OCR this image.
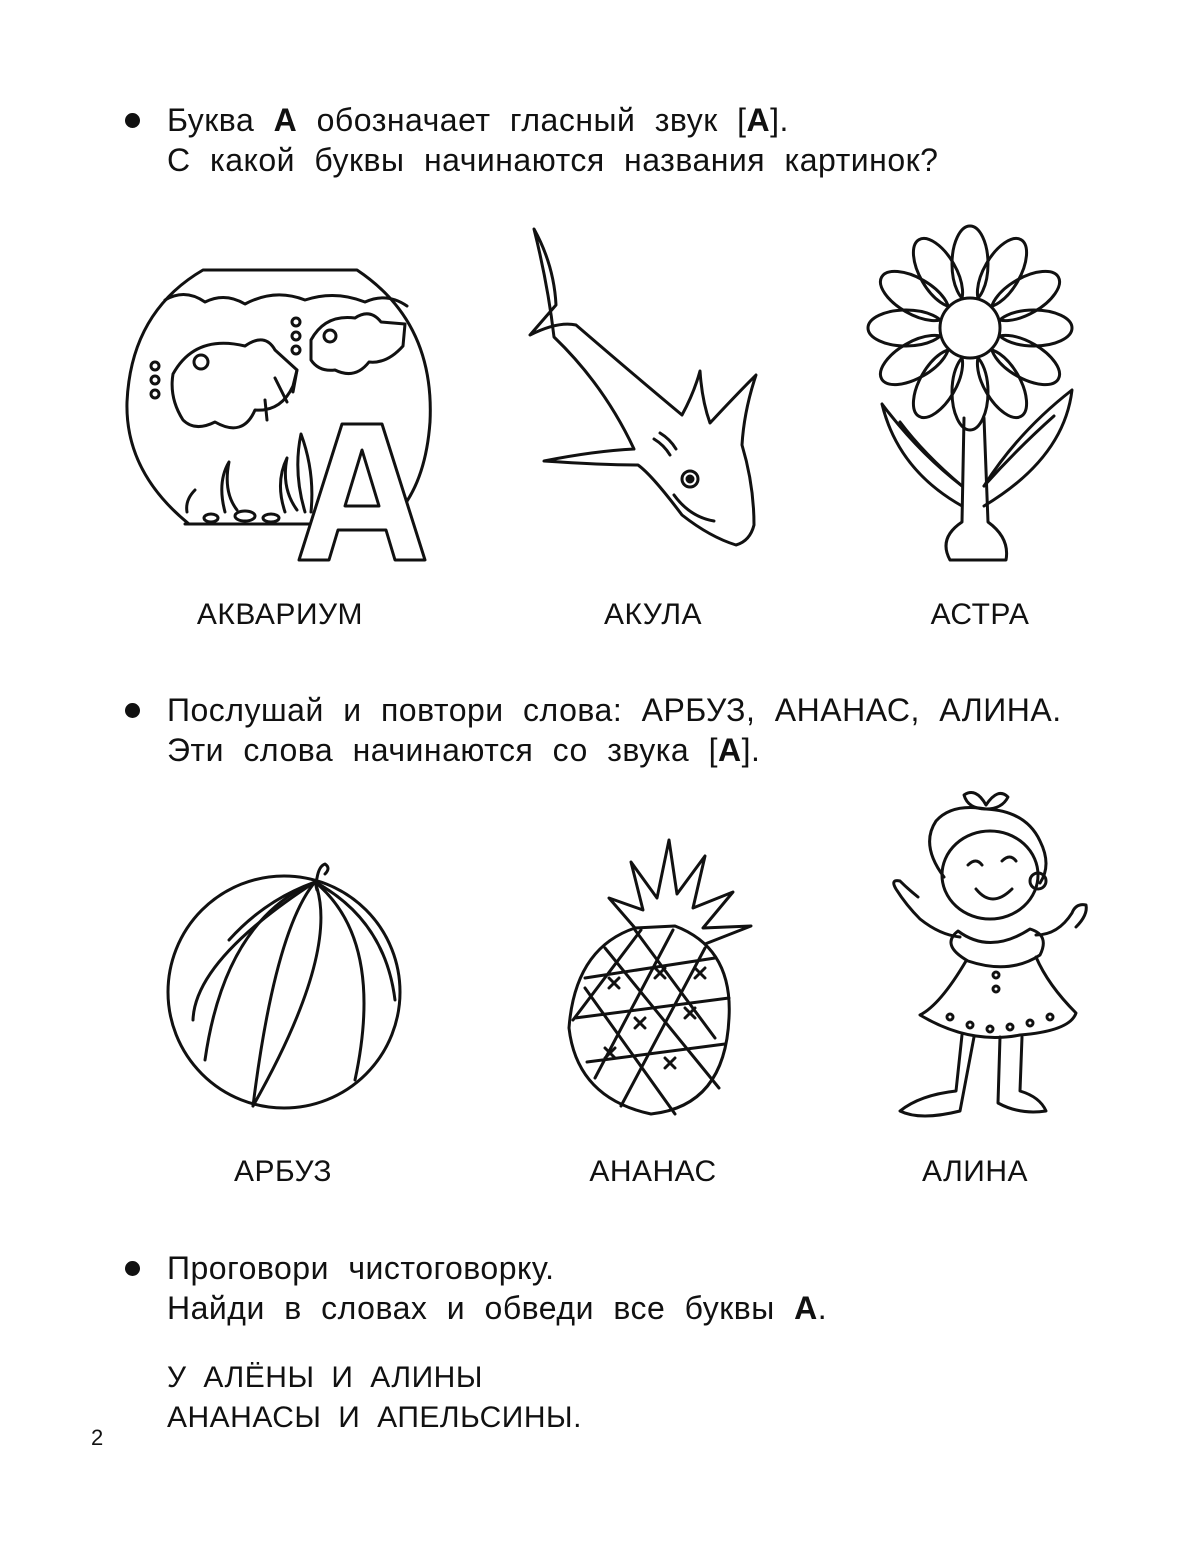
Буква А обозначает гласный звук [А].
С какой буквы начинаются названия картинок?
АКВАРИУМ	АКУЛА	АСТРА
Послушай и повтори слова: АРБУЗ, АНАНАС, АЛИНА.
Эти слова начинаются со звука [А].
АРБУЗ	АНАНАС	АЛИНА
Проговори чистоговорку.
Найди в словах и обведи все буквы А.
У АЛЁНЫ И АЛИНЫ
АНАНАСЫ И АПЕЛЬСИНЫ.
2
